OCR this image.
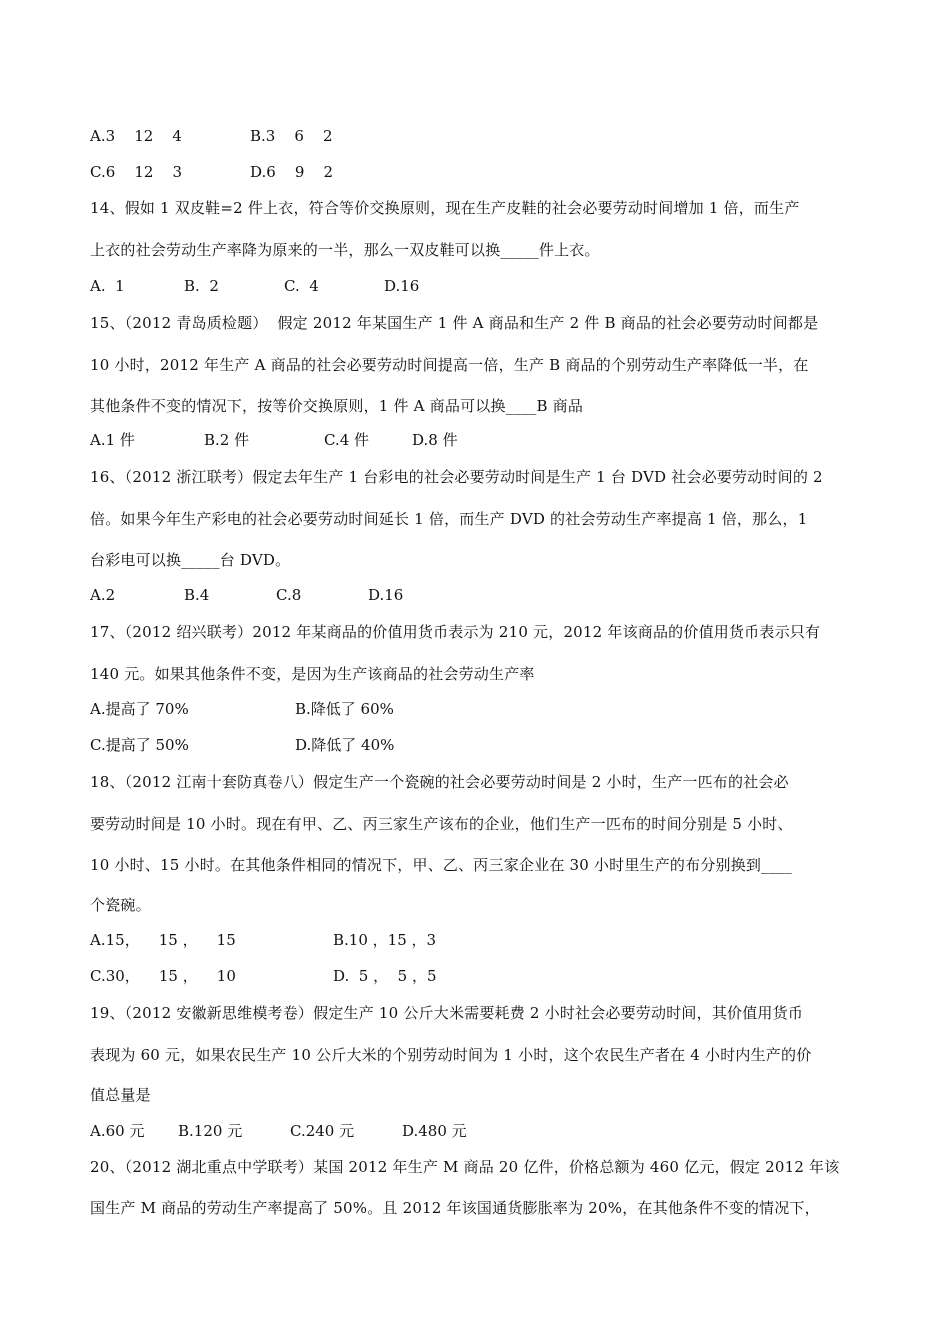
A.3    12    4	B.3    6    2
C.6    12    3	D.6    9    2
14、假如 1 双皮鞋=2 件上衣，符合等价交换原则，现在生产皮鞋的社会必要劳动时间增加 1 倍，而生产
上衣的社会劳动生产率降为原来的一半，那么一双皮鞋可以换_____件上衣。
A.  1	B.  2	C.  4	D.16
15、（2012 青岛质检题）  假定 2012 年某国生产 1 件 A 商品和生产 2 件 B 商品的社会必要劳动时间都是
10 小时，2012 年生产 A 商品的社会必要劳动时间提高一倍，生产 B 商品的个别劳动生产率降低一半，在
其他条件不变的情况下，按等价交换原则，1 件 A 商品可以换____B 商品
A.1 件	B.2 件	C.4 件	D.8 件
16、（2012 浙江联考）假定去年生产 1 台彩电的社会必要劳动时间是生产 1 台 DVD 社会必要劳动时间的 2
倍。如果今年生产彩电的社会必要劳动时间延长 1 倍，而生产 DVD 的社会劳动生产率提高 1 倍，那么，1
台彩电可以换_____台 DVD。
A.2	B.4	C.8	D.16
17、（2012 绍兴联考）2012 年某商品的价值用货币表示为 210 元，2012 年该商品的价值用货币表示只有
140 元。如果其他条件不变，是因为生产该商品的社会劳动生产率
A.提高了 70%	B.降低了 60%
C.提高了 50%	D.降低了 40%
18、（2012 江南十套防真卷八）假定生产一个瓷碗的社会必要劳动时间是 2 小时，生产一匹布的社会必
要劳动时间是 10 小时。现在有甲、乙、丙三家生产该布的企业，他们生产一匹布的时间分别是 5 小时、
10 小时、15 小时。在其他条件相同的情况下，甲、乙、丙三家企业在 30 小时里生产的布分别换到____
个瓷碗。
A.15，    15 ，    15	B.10 ，15 ，3
C.30，    15 ，    10	D.  5 ，  5 ，5
19、（2012 安徽新思维模考卷）假定生产 10 公斤大米需要耗费 2 小时社会必要劳动时间，其价值用货币
表现为 60 元，如果农民生产 10 公斤大米的个别劳动时间为 1 小时，这个农民生产者在 4 小时内生产的价
值总量是
A.60 元 B.120 元	C.240 元	D.480 元
20、（2012 湖北重点中学联考）某国 2012 年生产 M 商品 20 亿件，价格总额为 460 亿元，假定 2012 年该
国生产 M 商品的劳动生产率提高了 50%。且 2012 年该国通货膨胀率为 20%，在其他条件不变的情况下，
